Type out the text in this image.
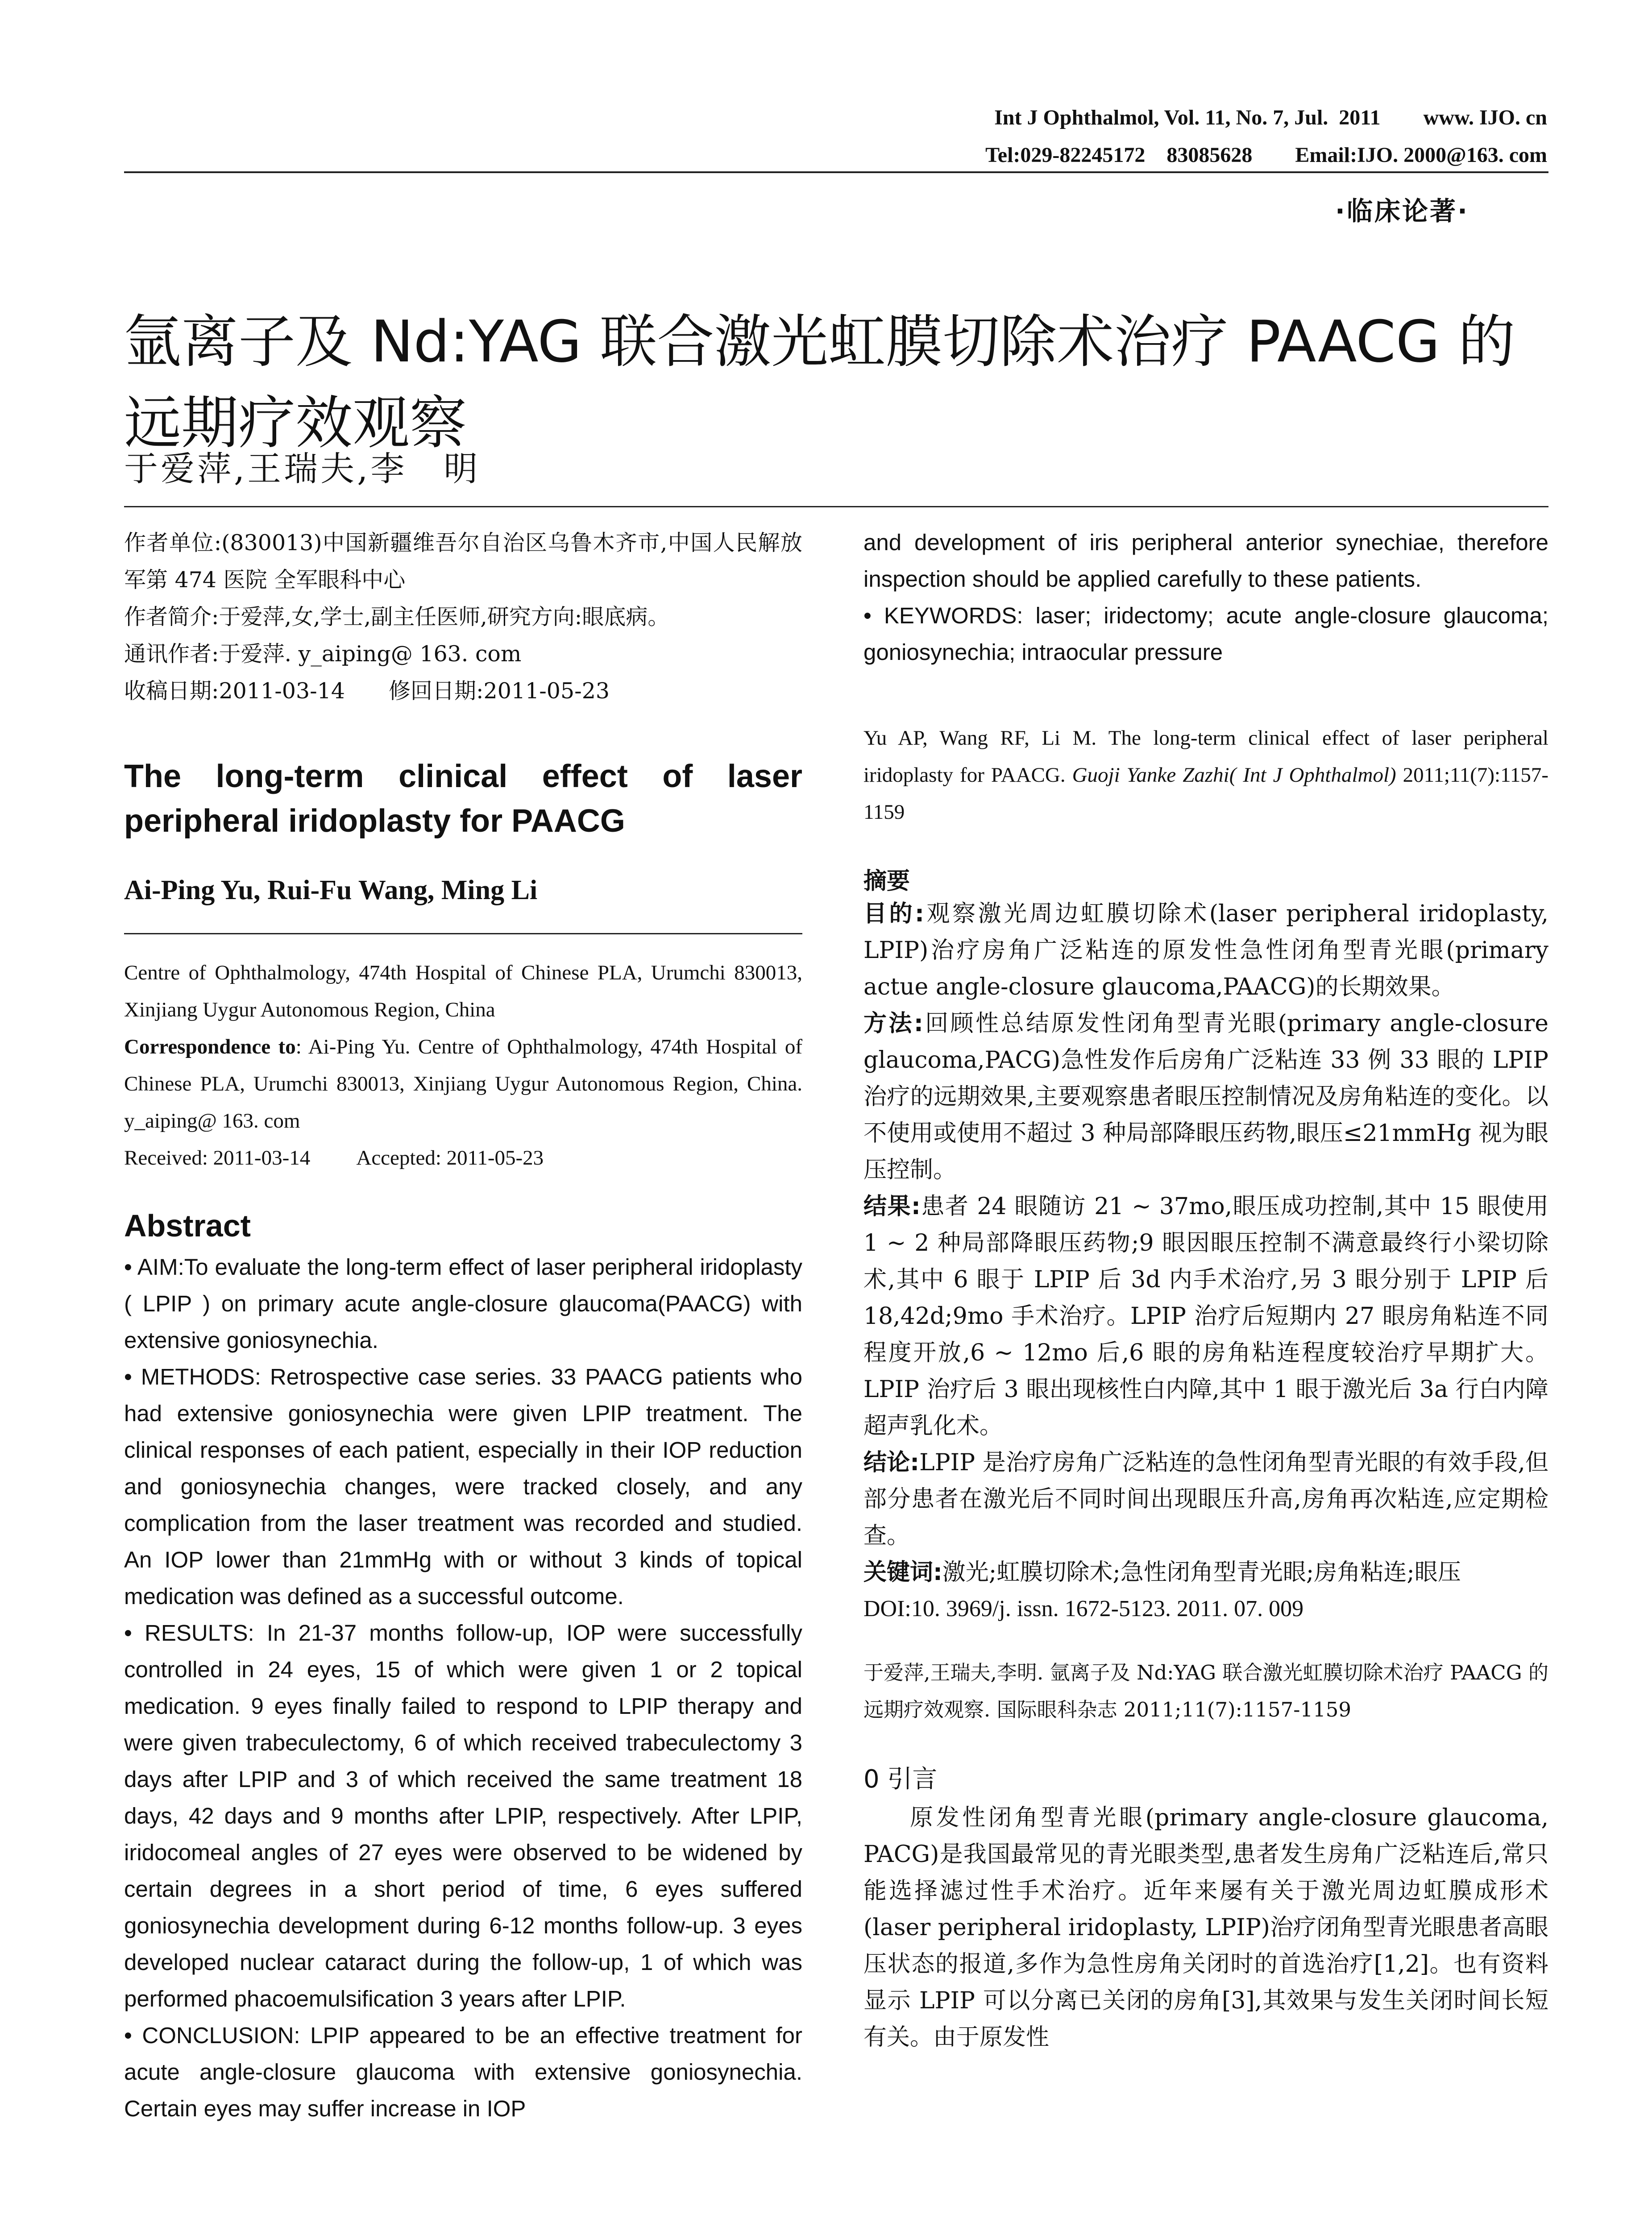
Int J Ophthalmol, Vol. 11, No. 7, Jul.  2011        www. IJO. cn
Tel:029-82245172    83085628        Email:IJO. 2000@163. com
·临床论著·
氩离子及 Nd:YAG 联合激光虹膜切除术治疗 PAACG 的远期疗效观察
于爱萍,王瑞夫,李　明

作者单位:(830013)中国新疆维吾尔自治区乌鲁木齐市,中国人民解放军第 474 医院 全军眼科中心

作者简介:于爱萍,女,学士,副主任医师,研究方向:眼底病。

通讯作者:于爱萍. y_aiping@ 163. com

收稿日期:2011-03-14　　修回日期:2011-05-23

The long-term clinical effect of laser peripheral iridoplasty for PAACG

Ai-Ping Yu, Rui-Fu Wang, Ming Li

Centre of Ophthalmology, 474th Hospital of Chinese PLA, Urumchi 830013, Xinjiang Uygur Autonomous Region, China

Correspondence to: Ai-Ping Yu. Centre of Ophthalmology, 474th Hospital of Chinese PLA, Urumchi 830013, Xinjiang Uygur Autonomous Region, China. y_aiping@ 163. com

Received: 2011-03-14　　 Accepted: 2011-05-23

Abstract

• AIM:To evaluate the long-term effect of laser peripheral iridoplasty ( LPIP ) on primary acute angle-closure glaucoma(PAACG) with extensive goniosynechia.

• METHODS: Retrospective case series. 33 PAACG patients who had extensive goniosynechia were given LPIP treatment. The clinical responses of each patient, especially in their IOP reduction and goniosynechia changes, were tracked closely, and any complication from the laser treatment was recorded and studied. An IOP lower than 21mmHg with or without 3 kinds of topical medication was defined as a successful outcome.

• RESULTS: In 21-37 months follow-up, IOP were successfully controlled in 24 eyes, 15 of which were given 1 or 2 topical medication. 9 eyes finally failed to respond to LPIP therapy and were given trabeculectomy, 6 of which received trabeculectomy 3 days after LPIP and 3 of which received the same treatment 18 days, 42 days and 9 months after LPIP, respectively. After LPIP, iridocomeal angles of 27 eyes were observed to be widened by certain degrees in a short period of time, 6 eyes suffered goniosynechia development during 6-12 months follow-up. 3 eyes developed nuclear cataract during the follow-up, 1 of which was performed phacoemulsification 3 years after LPIP.

• CONCLUSION: LPIP appeared to be an effective treatment for acute angle-closure glaucoma with extensive goniosynechia. Certain eyes may suffer increase in IOP

and development of iris peripheral anterior synechiae, therefore inspection should be applied carefully to these patients.

• KEYWORDS: laser; iridectomy; acute angle-closure glaucoma; goniosynechia; intraocular pressure

Yu AP, Wang RF, Li M. The long-term clinical effect of laser peripheral iridoplasty for PAACG. Guoji Yanke Zazhi( Int J Ophthalmol) 2011;11(7):1157-1159

摘要

目的:观察激光周边虹膜切除术(laser peripheral iridoplasty, LPIP)治疗房角广泛粘连的原发性急性闭角型青光眼(primary actue angle-closure glaucoma,PAACG)的长期效果。

方法:回顾性总结原发性闭角型青光眼(primary angle-closure glaucoma,PACG)急性发作后房角广泛粘连 33 例 33 眼的 LPIP 治疗的远期效果,主要观察患者眼压控制情况及房角粘连的变化。以不使用或使用不超过 3 种局部降眼压药物,眼压≤21mmHg 视为眼压控制。

结果:患者 24 眼随访 21 ~ 37mo,眼压成功控制,其中 15 眼使用 1 ~ 2 种局部降眼压药物;9 眼因眼压控制不满意最终行小梁切除术,其中 6 眼于 LPIP 后 3d 内手术治疗,另 3 眼分别于 LPIP 后 18,42d;9mo 手术治疗。LPIP 治疗后短期内 27 眼房角粘连不同程度开放,6 ~ 12mo 后,6 眼的房角粘连程度较治疗早期扩大。LPIP 治疗后 3 眼出现核性白内障,其中 1 眼于激光后 3a 行白内障超声乳化术。

结论:LPIP 是治疗房角广泛粘连的急性闭角型青光眼的有效手段,但部分患者在激光后不同时间出现眼压升高,房角再次粘连,应定期检查。

关键词:激光;虹膜切除术;急性闭角型青光眼;房角粘连;眼压

DOI:10. 3969/j. issn. 1672-5123. 2011. 07. 009

于爱萍,王瑞夫,李明. 氩离子及 Nd:YAG 联合激光虹膜切除术治疗 PAACG 的远期疗效观察. 国际眼科杂志 2011;11(7):1157-1159

0 引言

原发性闭角型青光眼(primary angle-closure glaucoma, PACG)是我国最常见的青光眼类型,患者发生房角广泛粘连后,常只能选择滤过性手术治疗。近年来屡有关于激光周边虹膜成形术(laser peripheral iridoplasty, LPIP)治疗闭角型青光眼患者高眼压状态的报道,多作为急性房角关闭时的首选治疗[1,2]。也有资料显示 LPIP 可以分离已关闭的房角[3],其效果与发生关闭时间长短有关。由于原发性
